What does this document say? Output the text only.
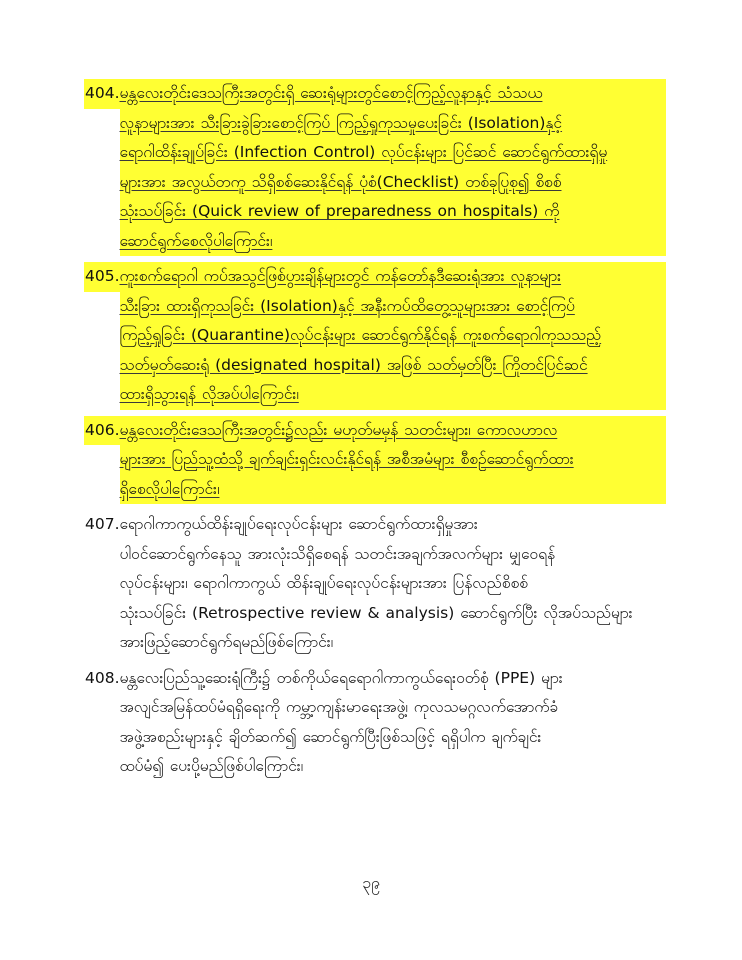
404. မန္တလေးတိုင်းဒေသကြီးအတွင်းရှိ ဆေးရုံများတွင်စောင့်ကြည့်လူနာနှင့် သံသယ
လူနာများအား သီးခြားခွဲခြားစောင့်ကြပ် ကြည့်ရှုကုသမှုပေးခြင်း (Isolation)နှင့်
ရောဂါထိန်းချုပ်ခြင်း (Infection Control) လုပ်ငန်းများ ပြင်ဆင် ဆောင်ရွက်ထားရှိမှု
များအား အလွယ်တကူ သိရှိစစ်ဆေးနိုင်ရန် ပုံစံ(Checklist) တစ်ခုပြုစု၍ စိစစ်
သုံးသပ်ခြင်း (Quick review of preparedness on hospitals) ကို
ဆောင်ရွက်စေလိုပါကြောင်း၊
405. ကူးစက်ရောဂါ ကပ်အသွင်ဖြစ်ပွားချိန်များတွင် ကန်တော်နဒီဆေးရုံအား လူနာများ
သီးခြား ထားရှိကုသခြင်း (Isolation)နှင့် အနီးကပ်ထိတွေ့သူများအား စောင့်ကြပ်
ကြည့်ရှုခြင်း (Quarantine)လုပ်ငန်းများ ဆောင်ရွက်နိုင်ရန် ကူးစက်ရောဂါကုသသည့်
သတ်မှတ်ဆေးရုံ (designated hospital) အဖြစ် သတ်မှတ်ပြီး ကြိုတင်ပြင်ဆင်
ထားရှိသွားရန် လိုအပ်ပါကြောင်း၊
406. မန္တလေးတိုင်းဒေသကြီးအတွင်း၌လည်း မဟုတ်မမှန် သတင်းများ၊ ကောလဟာလ
များအား ပြည်သူ့ထံသို့ ချက်ချင်းရှင်းလင်းနိုင်ရန် အစီအမံများ စီစဉ်ဆောင်ရွက်ထား
ရှိစေလိုပါကြောင်း၊
407. ရောဂါကာကွယ်ထိန်းချုပ်ရေးလုပ်ငန်းများ ဆောင်ရွက်ထားရှိမှုအား
ပါဝင်ဆောင်ရွက်နေသူ အားလုံးသိရှိစေရန် သတင်းအချက်အလက်များ မျှဝေရန်
လုပ်ငန်းများ၊ ရောဂါကာကွယ် ထိန်းချုပ်ရေးလုပ်ငန်းများအား ပြန်လည်စိစစ်
သုံးသပ်ခြင်း (Retrospective review & analysis) ဆောင်ရွက်ပြီး လိုအပ်သည်များ
အားဖြည့်ဆောင်ရွက်ရမည်ဖြစ်ကြောင်း၊
408. မန္တလေးပြည်သူ့ဆေးရုံကြီး၌ တစ်ကိုယ်ရေရောဂါကာကွယ်ရေးဝတ်စုံ (PPE) များ
အလျင်အမြန်ထပ်မံရရှိရေးကို ကမ္ဘာ့ကျန်းမာရေးအဖွဲ့၊ ကုလသမဂ္ဂလက်အောက်ခံ
အဖွဲ့အစည်းများနှင့် ချိတ်ဆက်၍ ဆောင်ရွက်ပြီးဖြစ်သဖြင့် ရရှိပါက ချက်ချင်း
ထပ်မံ၍ ပေးပို့မည်ဖြစ်ပါကြောင်း၊
၃၉
